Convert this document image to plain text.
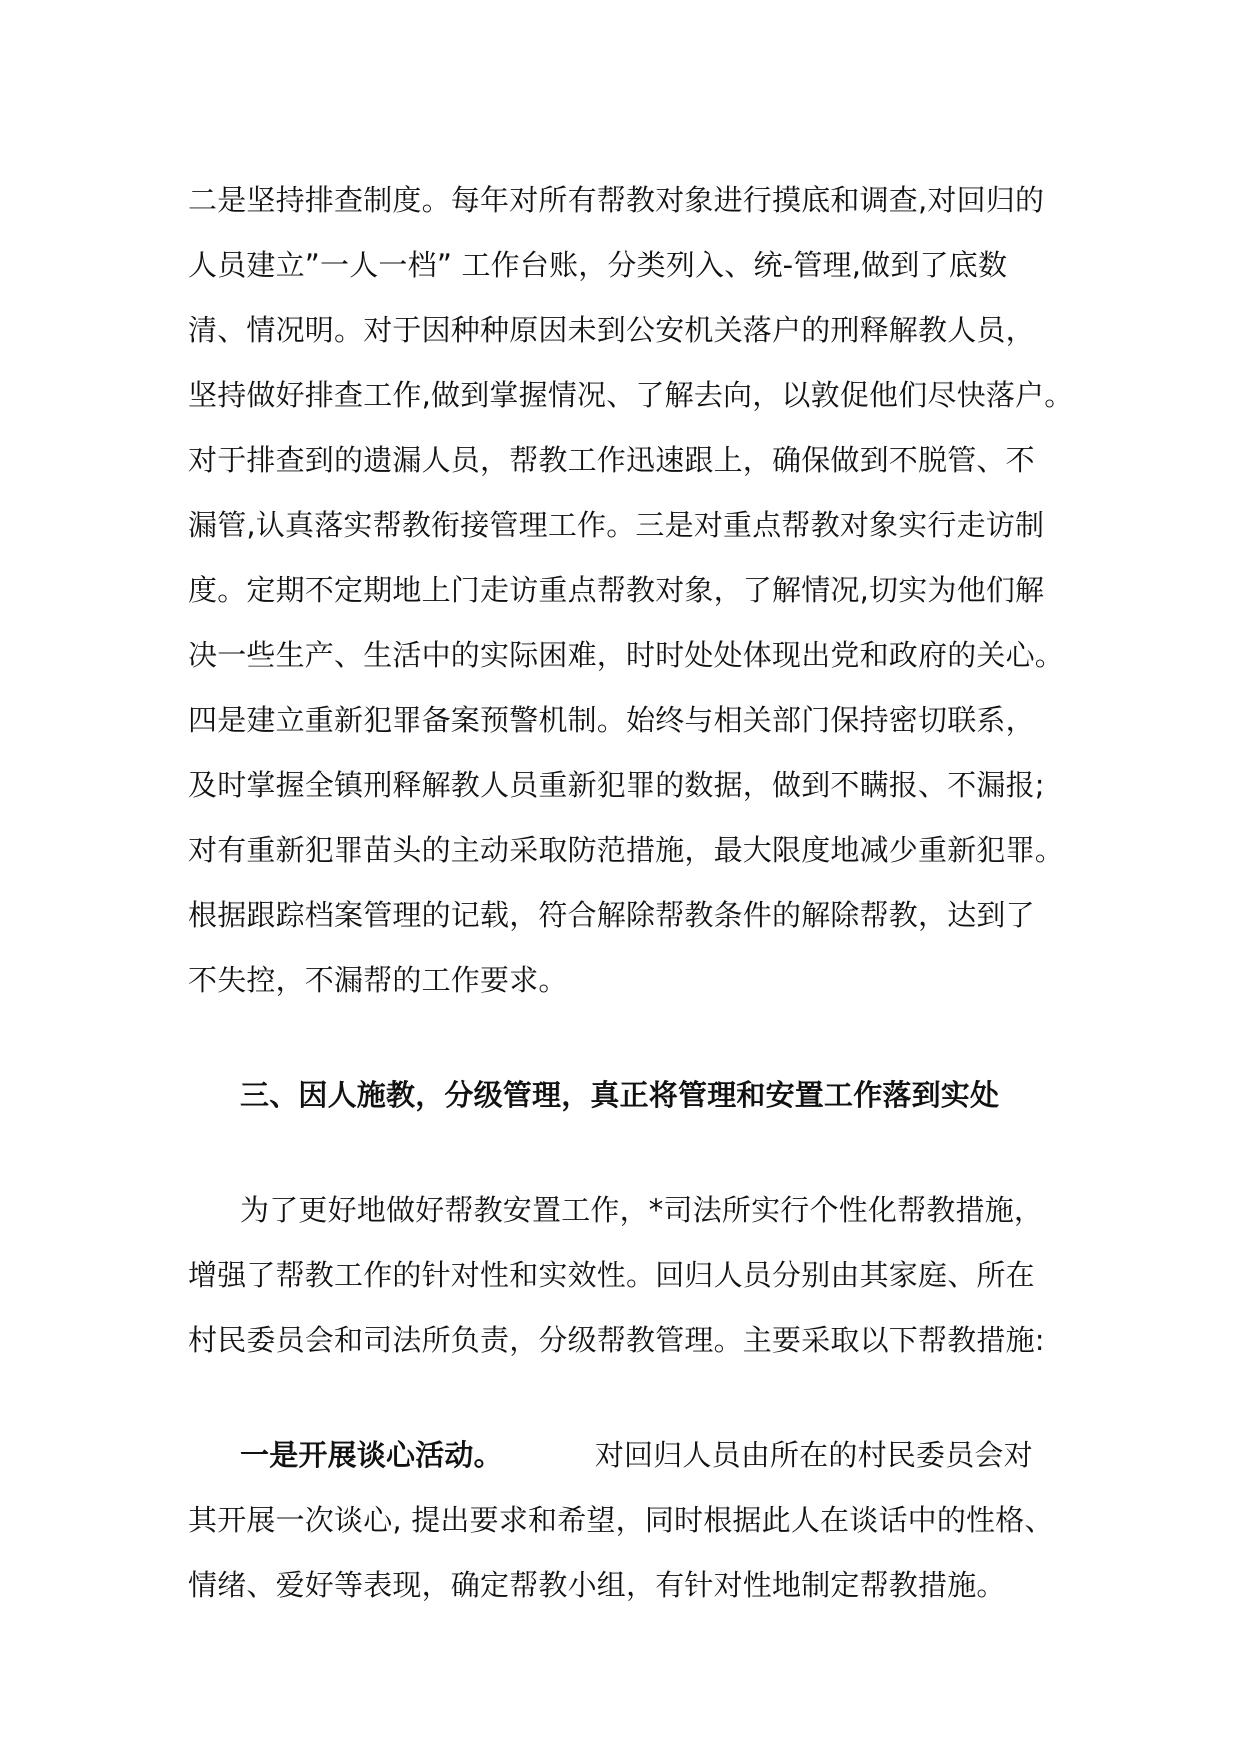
二是坚持排查制度。每年对所有帮教对象进行摸底和调查,对回归的
人员建立”一人一档” 工作台账，分类列入、统-管理,做到了底数
清、情况明。对于因种种原因未到公安机关落户的刑释解教人员，
坚持做好排查工作,做到掌握情况、了解去向，以敦促他们尽快落户。
对于排查到的遗漏人员，帮教工作迅速跟上，确保做到不脱管、不
漏管,认真落实帮教衔接管理工作。三是对重点帮教对象实行走访制
度。定期不定期地上门走访重点帮教对象，了解情况,切实为他们解
决一些生产、生活中的实际困难，时时处处体现出党和政府的关心。
四是建立重新犯罪备案预警机制。始终与相关部门保持密切联系，
及时掌握全镇刑释解教人员重新犯罪的数据，做到不瞒报、不漏报;
对有重新犯罪苗头的主动采取防范措施，最大限度地减少重新犯罪。
根据跟踪档案管理的记载，符合解除帮教条件的解除帮教，达到了
不失控，不漏帮的工作要求。
三、因人施教，分级管理，真正将管理和安置工作落到实处
为了更好地做好帮教安置工作，*司法所实行个性化帮教措施，
增强了帮教工作的针对性和实效性。回归人员分别由其家庭、所在
村民委员会和司法所负责，分级帮教管理。主要采取以下帮教措施:
一是开展谈心活动。	对回归人员由所在的村民委员会对
其开展一次谈心, 提出要求和希望，同时根据此人在谈话中的性格、
情绪、爱好等表现，确定帮教小组，有针对性地制定帮教措施。
